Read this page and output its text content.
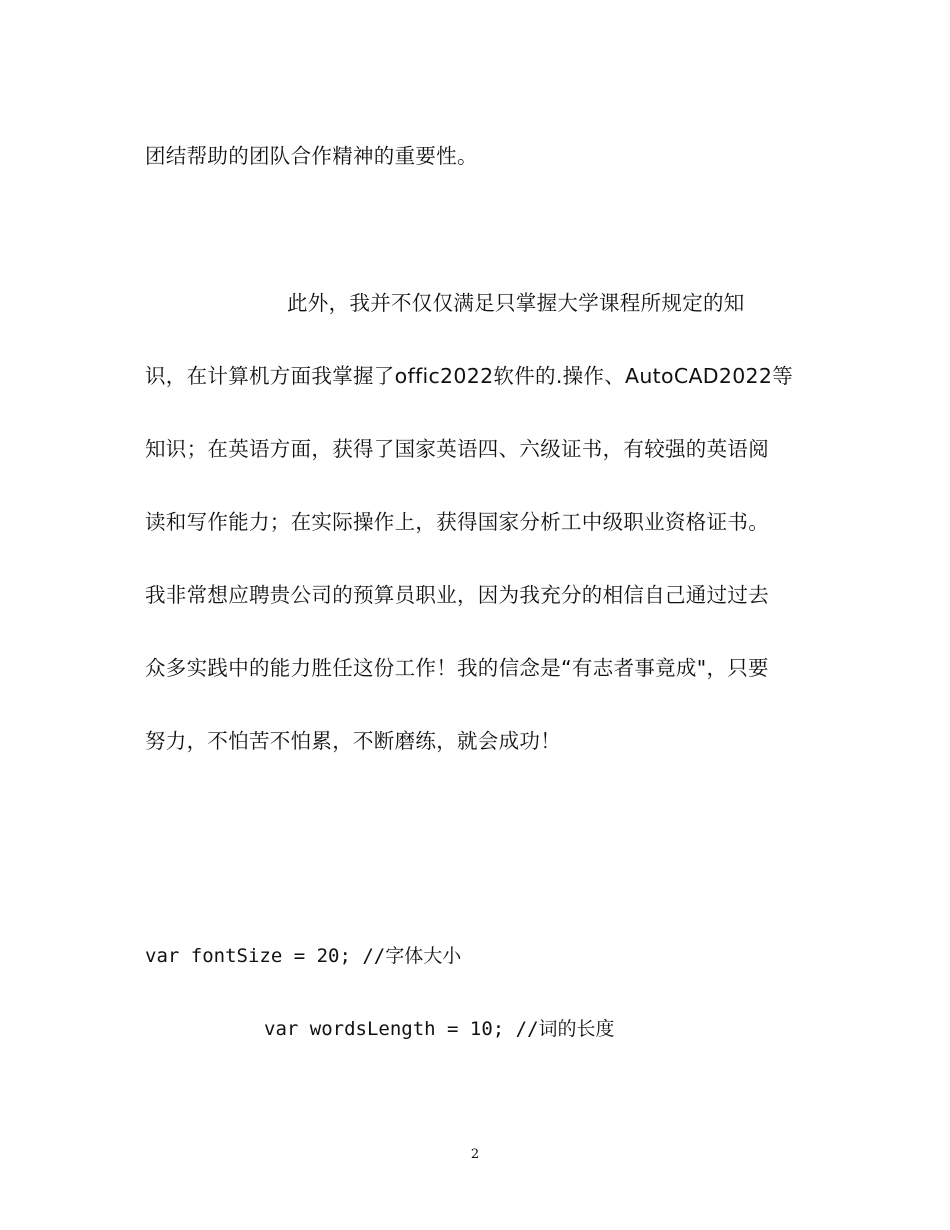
团结帮助的团队合作精神的重要性。
此外，我并不仅仅满足只掌握大学课程所规定的知
识，在计算机方面我掌握了offic2022软件的.操作、AutoCAD2022等
知识；在英语方面，获得了国家英语四、六级证书，有较强的英语阅
读和写作能力；在实际操作上，获得国家分析工中级职业资格证书。
我非常想应聘贵公司的预算员职业，因为我充分的相信自己通过过去
众多实践中的能力胜任这份工作！我的信念是“有志者事竟成"，只要
努力，不怕苦不怕累，不断磨练，就会成功！
var fontSize = 20; //字体大小
var wordsLength = 10; //词的长度
2
